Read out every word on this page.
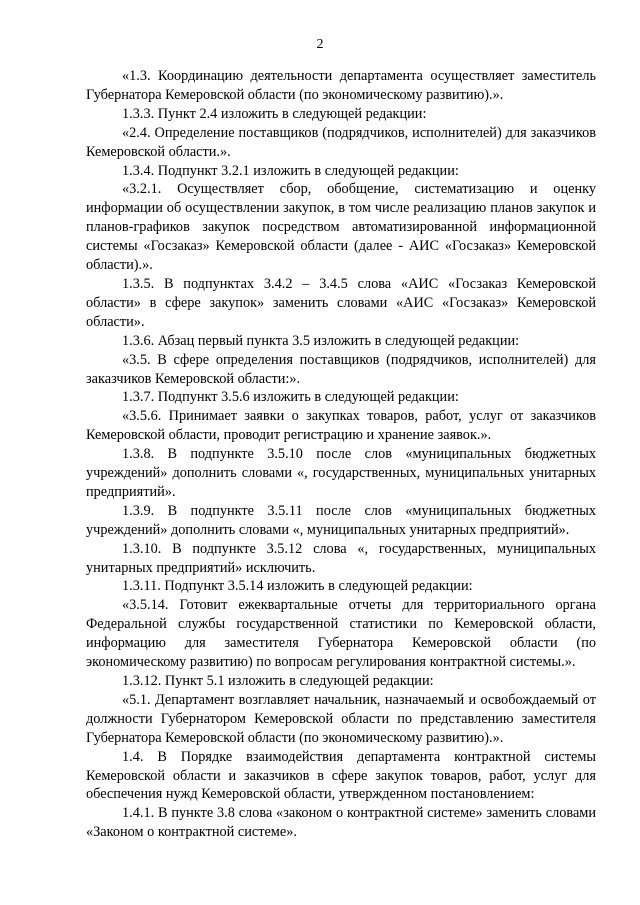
2

«1.3. Координацию деятельности департамента осуществляет заместитель Губернатора Кемеровской области (по экономическому развитию).».

1.3.3. Пункт 2.4 изложить в следующей редакции:

«2.4. Определение поставщиков (подрядчиков, исполнителей) для заказчиков Кемеровской области.».

1.3.4. Подпункт 3.2.1 изложить в следующей редакции:

«3.2.1. Осуществляет сбор, обобщение, систематизацию и оценку информации об осуществлении закупок, в том числе реализацию планов закупок и планов-графиков закупок посредством автоматизированной информационной системы «Госзаказ» Кемеровской области (далее - АИС «Госзаказ» Кемеровской области).».

1.3.5. В подпунктах 3.4.2 – 3.4.5 слова «АИС «Госзаказ Кемеровской области» в сфере закупок» заменить словами «АИС «Госзаказ» Кемеровской области».

1.3.6. Абзац первый пункта 3.5 изложить в следующей редакции:

«3.5. В сфере определения поставщиков (подрядчиков, исполнителей) для заказчиков Кемеровской области:».

1.3.7. Подпункт 3.5.6 изложить в следующей редакции:

«3.5.6. Принимает заявки о закупках товаров, работ, услуг от заказчиков Кемеровской области, проводит регистрацию и хранение заявок.».

1.3.8. В подпункте 3.5.10 после слов «муниципальных бюджетных учреждений» дополнить словами «, государственных, муниципальных унитарных предприятий».

1.3.9. В подпункте 3.5.11 после слов «муниципальных бюджетных учреждений» дополнить словами «, муниципальных унитарных предприятий».

1.3.10. В подпункте 3.5.12 слова «, государственных, муниципальных унитарных предприятий» исключить.

1.3.11. Подпункт 3.5.14 изложить в следующей редакции:

«3.5.14. Готовит ежеквартальные отчеты для территориального органа Федеральной службы государственной статистики по Кемеровской области, информацию для заместителя Губернатора Кемеровской области (по экономическому развитию) по вопросам регулирования контрактной системы.».

1.3.12. Пункт 5.1 изложить в следующей редакции:

«5.1. Департамент возглавляет начальник, назначаемый и освобождаемый от должности Губернатором Кемеровской области по представлению заместителя Губернатора Кемеровской области (по экономическому развитию).».

1.4. В Порядке взаимодействия департамента контрактной системы Кемеровской области и заказчиков в сфере закупок товаров, работ, услуг для обеспечения нужд Кемеровской области, утвержденном постановлением:

1.4.1. В пункте 3.8 слова «законом о контрактной системе» заменить словами «Законом о контрактной системе».
